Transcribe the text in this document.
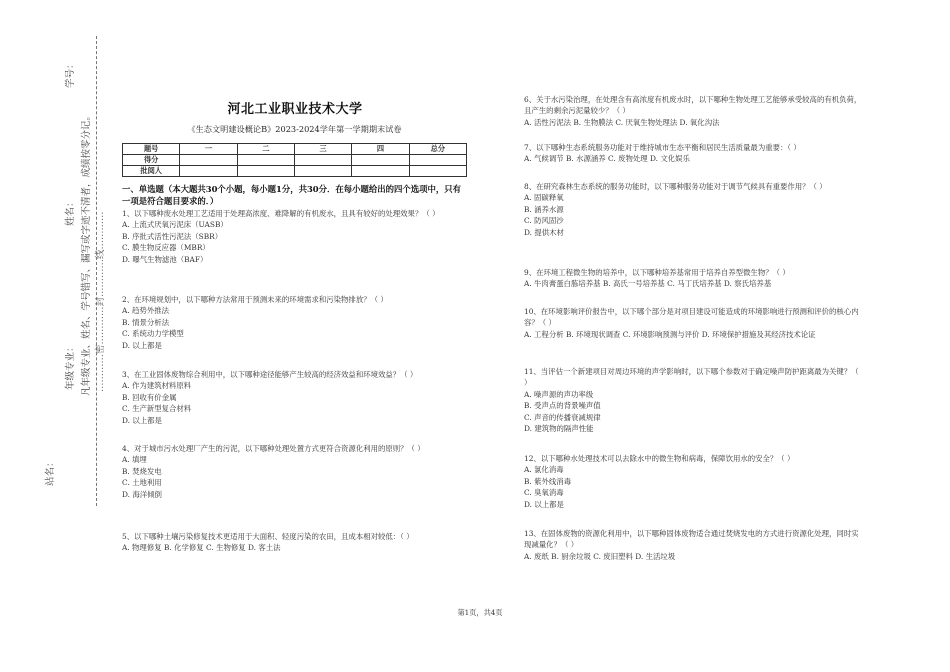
学号：
姓名：
年级专业：
站名：
凡年级专业、姓名、学号错写、漏写或字迹不清者，成绩按零分记。 …………密…………封…………线…………
河北工业职业技术大学
《生态文明建设概论B》2023-2024学年第一学期期末试卷
题号	一	二	三	四	总分
得分					
批阅人					
一、单选题（本大题共30个小题，每小题1分，共30分．在每小题给出的四个选项中，只有一项是符合题目要求的．）
1、以下哪种废水处理工艺适用于处理高浓度、难降解的有机废水，且具有较好的处理效果？（ ）
A. 上流式厌氧污泥床（UASB）
B. 序批式活性污泥法（SBR）
C. 膜生物反应器（MBR）
D. 曝气生物滤池（BAF）
2、在环境规划中，以下哪种方法常用于预测未来的环境需求和污染物排放？（ ）
A. 趋势外推法
B. 情景分析法
C. 系统动力学模型
D. 以上都是
3、在工业固体废物综合利用中，以下哪种途径能够产生较高的经济效益和环境效益？（ ）
A. 作为建筑材料原料
B. 回收有价金属
C. 生产新型复合材料
D. 以上都是
4、对于城市污水处理厂产生的污泥，以下哪种处理处置方式更符合资源化利用的原则？（ ）
A. 填埋
B. 焚烧发电
C. 土地利用
D. 海洋倾倒
5、以下哪种土壤污染修复技术更适用于大面积、轻度污染的农田，且成本相对较低：（ ）
A. 物理修复 B. 化学修复 C. 生物修复 D. 客土法
6、关于水污染治理，在处理含有高浓度有机废水时，以下哪种生物处理工艺能够承受较高的有机负荷，且产生的剩余污泥量较少？（ ）
A. 活性污泥法 B. 生物膜法 C. 厌氧生物处理法 D. 氧化沟法
7、以下哪种生态系统服务功能对于维持城市生态平衡和居民生活质量最为重要：（ ）
A. 气候调节 B. 水源涵养 C. 废物处理 D. 文化娱乐
8、在研究森林生态系统的服务功能时，以下哪种服务功能对于调节气候具有重要作用？（ ）
A. 固碳释氧
B. 涵养水源
C. 防风固沙
D. 提供木材
9、在环境工程微生物的培养中，以下哪种培养基常用于培养自养型微生物？（ ）
A. 牛肉膏蛋白胨培养基 B. 高氏一号培养基 C. 马丁氏培养基 D. 察氏培养基
10、在环境影响评价报告中，以下哪个部分是对项目建设可能造成的环境影响进行预测和评价的核心内容？（ ）
A. 工程分析 B. 环境现状调查 C. 环境影响预测与评价 D. 环境保护措施及其经济技术论证
11、当评估一个新建项目对周边环境的声学影响时，以下哪个参数对于确定噪声防护距离最为关键？（ ）
A. 噪声源的声功率级
B. 受声点的背景噪声值
C. 声音的传播衰减规律
D. 建筑物的隔声性能
12、以下哪种水处理技术可以去除水中的微生物和病毒，保障饮用水的安全？（ ）
A. 氯化消毒
B. 紫外线消毒
C. 臭氧消毒
D. 以上都是
13、在固体废物的资源化利用中，以下哪种固体废物适合通过焚烧发电的方式进行资源化处理，同时实现减量化？（ ）
A. 废纸 B. 厨余垃圾 C. 废旧塑料 D. 生活垃圾
第1页，共4页
